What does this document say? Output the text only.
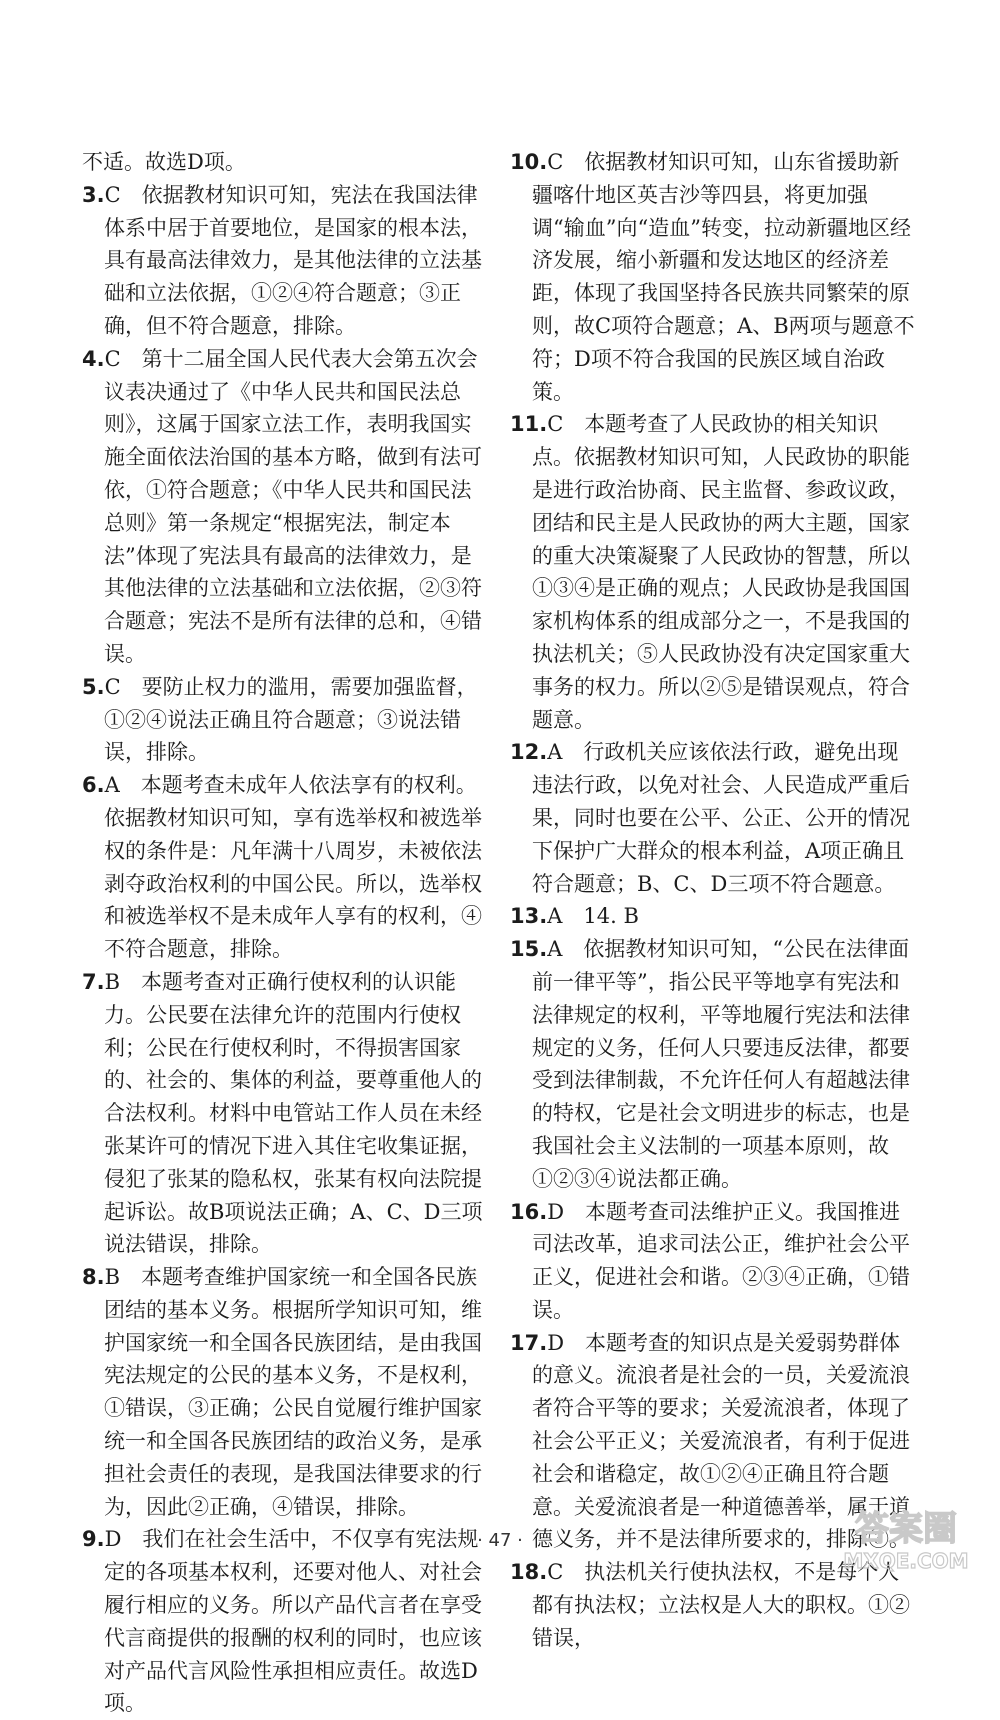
不适。故选D项。
3.C　依据教材知识可知，宪法在我国法律体系中居于首要地位，是国家的根本法，具有最高法律效力，是其他法律的立法基础和立法依据，①②④符合题意；③正确，但不符合题意，排除。
4.C　第十二届全国人民代表大会第五次会议表决通过了《中华人民共和国民法总则》，这属于国家立法工作，表明我国实施全面依法治国的基本方略，做到有法可依，①符合题意；《中华人民共和国民法总则》第一条规定“根据宪法，制定本法”体现了宪法具有最高的法律效力，是其他法律的立法基础和立法依据，②③符合题意；宪法不是所有法律的总和，④错误。
5.C　要防止权力的滥用，需要加强监督，①②④说法正确且符合题意；③说法错误，排除。
6.A　本题考查未成年人依法享有的权利。依据教材知识可知，享有选举权和被选举权的条件是：凡年满十八周岁，未被依法剥夺政治权利的中国公民。所以，选举权和被选举权不是未成年人享有的权利，④不符合题意，排除。
7.B　本题考查对正确行使权利的认识能力。公民要在法律允许的范围内行使权利；公民在行使权利时，不得损害国家的、社会的、集体的利益，要尊重他人的合法权利。材料中电管站工作人员在未经张某许可的情况下进入其住宅收集证据，侵犯了张某的隐私权，张某有权向法院提起诉讼。故B项说法正确；A、C、D三项说法错误，排除。
8.B　本题考查维护国家统一和全国各民族团结的基本义务。根据所学知识可知，维护国家统一和全国各民族团结，是由我国宪法规定的公民的基本义务，不是权利，①错误，③正确；公民自觉履行维护国家统一和全国各民族团结的政治义务，是承担社会责任的表现，是我国法律要求的行为，因此②正确，④错误，排除。
9.D　我们在社会生活中，不仅享有宪法规定的各项基本权利，还要对他人、对社会履行相应的义务。所以产品代言者在享受代言商提供的报酬的权利的同时，也应该对产品代言风险性承担相应责任。故选D项。
10.C　依据教材知识可知，山东省援助新疆喀什地区英吉沙等四县，将更加强调“输血”向“造血”转变，拉动新疆地区经济发展，缩小新疆和发达地区的经济差距，体现了我国坚持各民族共同繁荣的原则，故C项符合题意；A、B两项与题意不符；D项不符合我国的民族区域自治政策。
11.C　本题考查了人民政协的相关知识点。依据教材知识可知，人民政协的职能是进行政治协商、民主监督、参政议政，团结和民主是人民政协的两大主题，国家的重大决策凝聚了人民政协的智慧，所以①③④是正确的观点；人民政协是我国国家机构体系的组成部分之一，不是我国的执法机关；⑤人民政协没有决定国家重大事务的权力。所以②⑤是错误观点，符合题意。
12.A　行政机关应该依法行政，避免出现违法行政，以免对社会、人民造成严重后果，同时也要在公平、公正、公开的情况下保护广大群众的根本利益，A项正确且符合题意；B、C、D三项不符合题意。
13.A　14. B
15.A　依据教材知识可知，“公民在法律面前一律平等”，指公民平等地享有宪法和法律规定的权利，平等地履行宪法和法律规定的义务，任何人只要违反法律，都要受到法律制裁，不允许任何人有超越法律的特权，它是社会文明进步的标志，也是我国社会主义法制的一项基本原则，故①②③④说法都正确。
16.D　本题考查司法维护正义。我国推进司法改革，追求司法公正，维护社会公平正义，促进社会和谐。②③④正确，①错误。
17.D　本题考查的知识点是关爱弱势群体的意义。流浪者是社会的一员，关爱流浪者符合平等的要求；关爱流浪者，体现了社会公平正义；关爱流浪者，有利于促进社会和谐稳定，故①②④正确且符合题意。关爱流浪者是一种道德善举，属于道德义务，并不是法律所要求的，排除③。
18.C　执法机关行使执法权，不是每个人都有执法权；立法权是人大的职权。①②错误，
· 47 ·	答案圈
MXQE.COM
